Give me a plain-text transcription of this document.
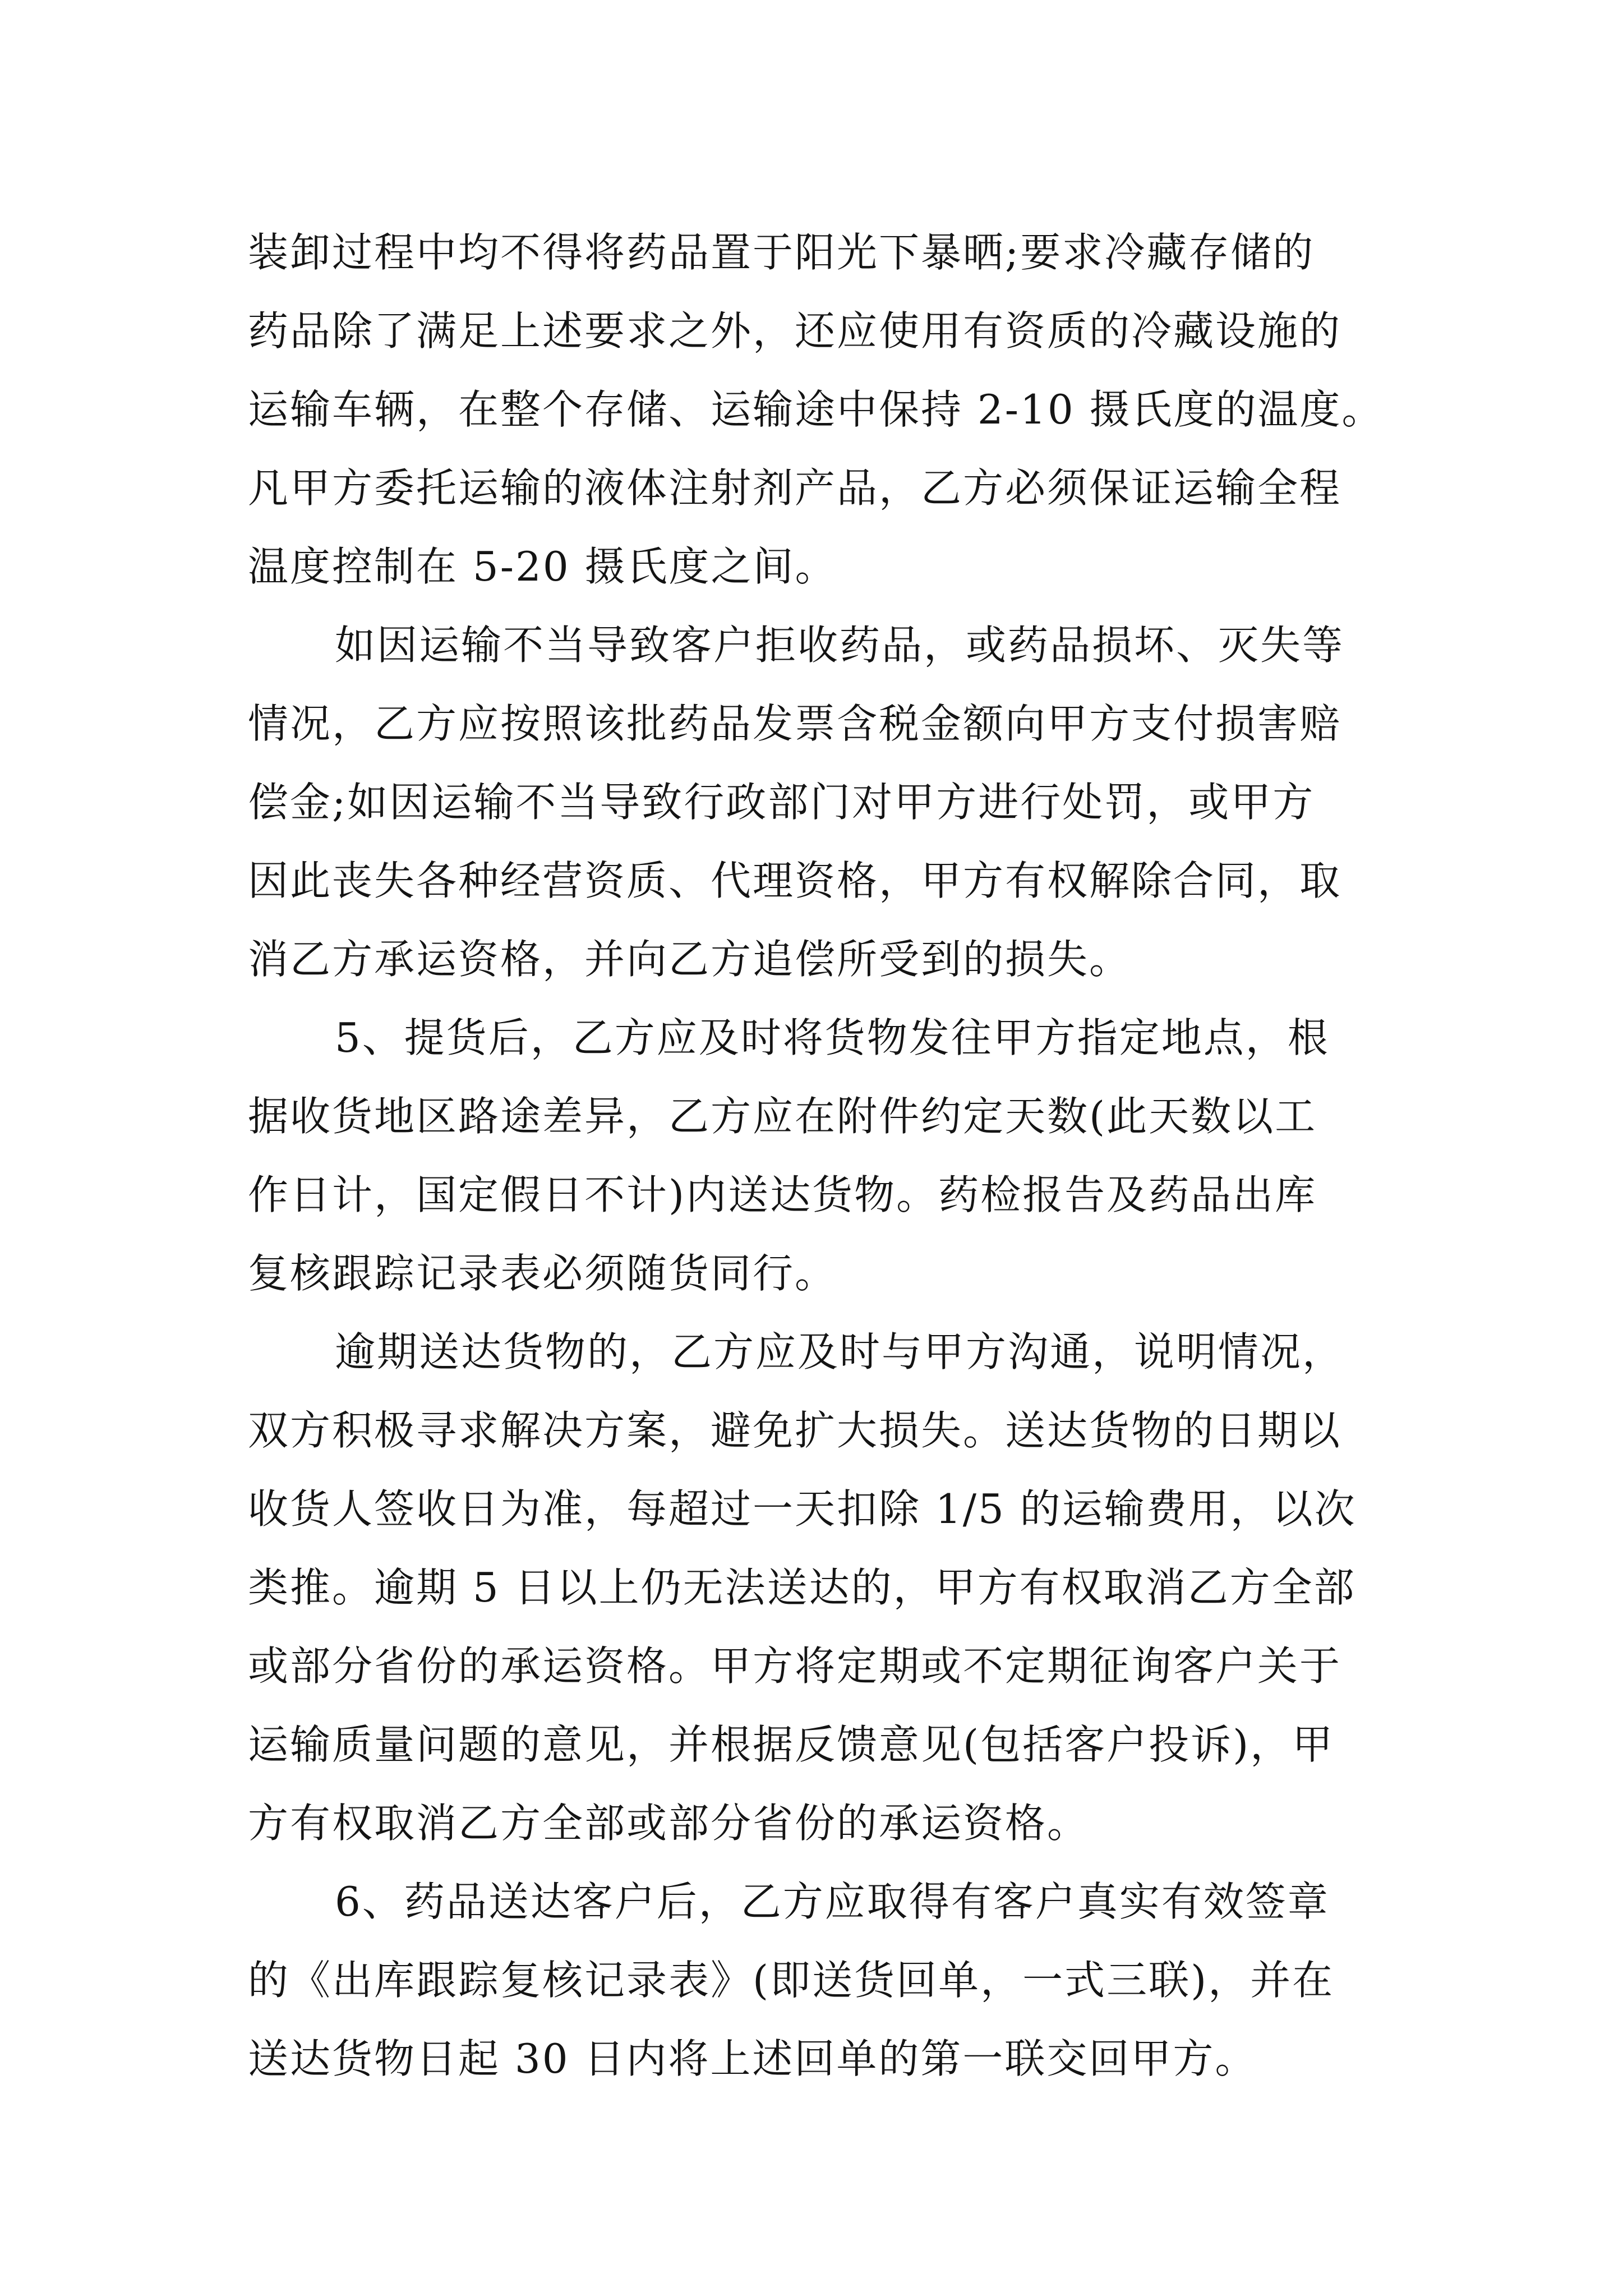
装卸过程中均不得将药品置于阳光下暴晒;要求冷藏存储的
药品除了满足上述要求之外，还应使用有资质的冷藏设施的
运输车辆，在整个存储、运输途中保持 2-10 摄氏度的温度。
凡甲方委托运输的液体注射剂产品，乙方必须保证运输全程
温度控制在 5-20 摄氏度之间。
如因运输不当导致客户拒收药品，或药品损坏、灭失等
情况，乙方应按照该批药品发票含税金额向甲方支付损害赔
偿金;如因运输不当导致行政部门对甲方进行处罚，或甲方
因此丧失各种经营资质、代理资格，甲方有权解除合同，取
消乙方承运资格，并向乙方追偿所受到的损失。
5、提货后，乙方应及时将货物发往甲方指定地点，根
据收货地区路途差异，乙方应在附件约定天数(此天数以工
作日计，国定假日不计)内送达货物。药检报告及药品出库
复核跟踪记录表必须随货同行。
逾期送达货物的，乙方应及时与甲方沟通，说明情况，
双方积极寻求解决方案，避免扩大损失。送达货物的日期以
收货人签收日为准，每超过一天扣除 1/5 的运输费用，以次
类推。逾期 5 日以上仍无法送达的，甲方有权取消乙方全部
或部分省份的承运资格。甲方将定期或不定期征询客户关于
运输质量问题的意见，并根据反馈意见(包括客户投诉)，甲
方有权取消乙方全部或部分省份的承运资格。
6、药品送达客户后，乙方应取得有客户真实有效签章
的《出库跟踪复核记录表》(即送货回单，一式三联)，并在
送达货物日起 30 日内将上述回单的第一联交回甲方。
